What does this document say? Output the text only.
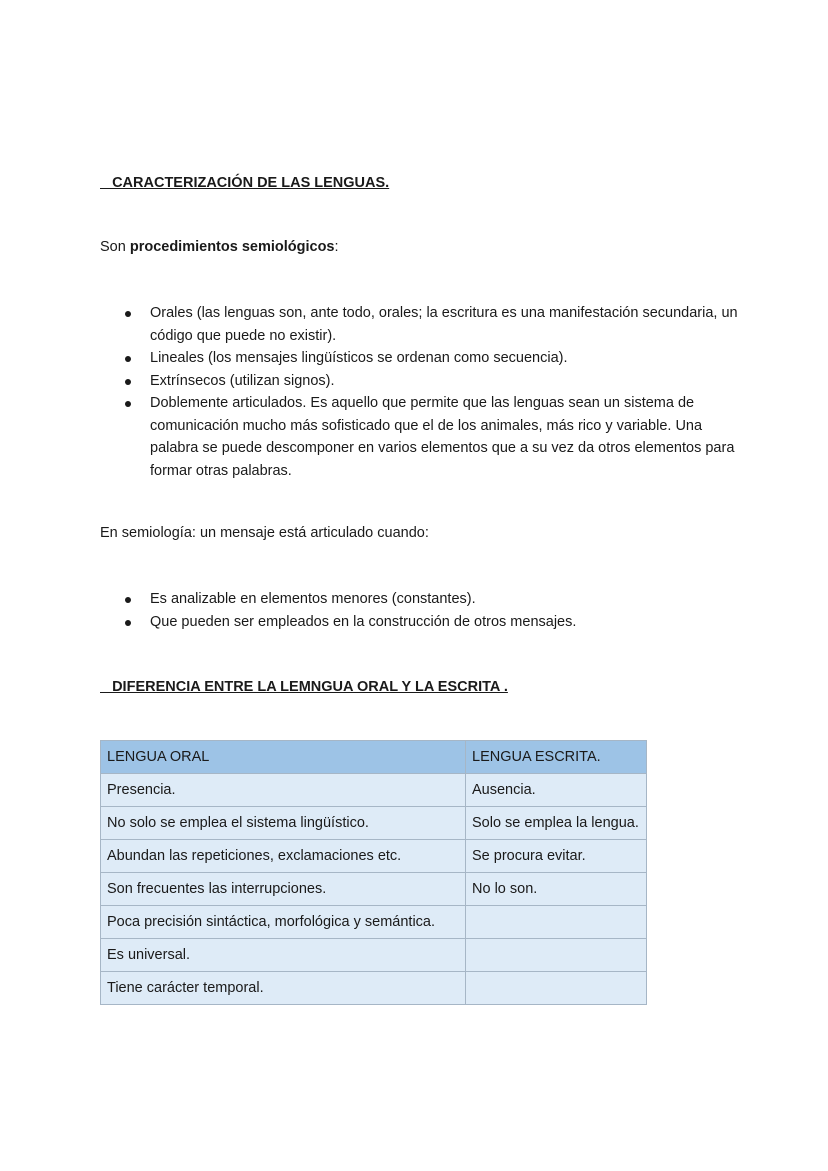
CARACTERIZACIÓN DE LAS LENGUAS.
Son procedimientos semiológicos:
Orales (las lenguas son, ante todo, orales; la escritura es una manifestación secundaria, un código que puede no existir).
Lineales (los mensajes lingüísticos se ordenan como secuencia).
Extrínsecos (utilizan signos).
Doblemente articulados. Es aquello que permite que las lenguas sean un sistema de comunicación mucho más sofisticado que el de los animales, más rico y variable. Una palabra se puede descomponer en varios elementos que a su vez da otros elementos para formar otras palabras.
En semiología: un mensaje está articulado cuando:
Es analizable en elementos menores (constantes).
Que pueden ser empleados en la construcción de otros mensajes.
DIFERENCIA ENTRE LA LEMNGUA ORAL Y LA ESCRITA .
LENGUA ORAL	LENGUA ESCRITA.
Presencia.	Ausencia.
No solo se emplea el sistema lingüístico.	Solo se emplea la lengua.
Abundan las repeticiones, exclamaciones etc.	Se procura evitar.
Son frecuentes las interrupciones.	No lo son.
Poca precisión sintáctica, morfológica y semántica.	
Es universal.	
Tiene carácter temporal.	
